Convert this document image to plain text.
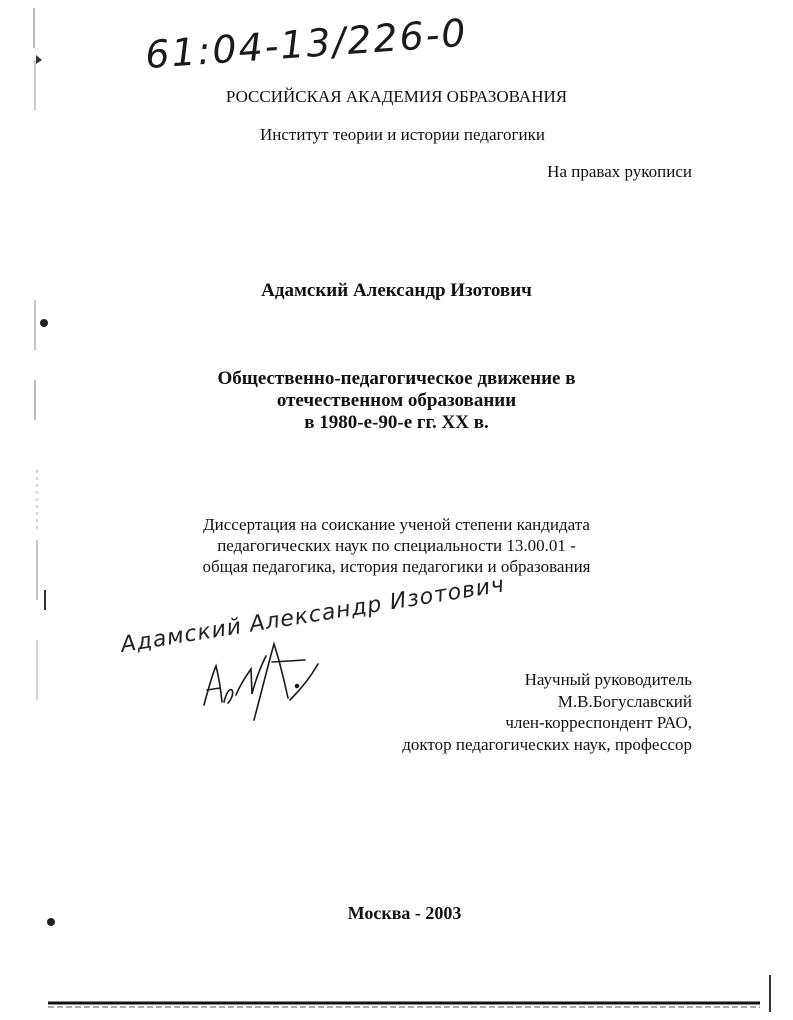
61:04-13/226-0
РОССИЙСКАЯ АКАДЕМИЯ ОБРАЗОВАНИЯ
Институт теории и истории педагогики
На правах рукописи
Адамский Александр Изотович
Общественно-педагогическое движение в
отечественном образовании
в 1980-е-90-е гг. ХХ в.
Диссертация на соискание ученой степени кандидата
педагогических наук по специальности 13.00.01 -
общая педагогика, история педагогики и образования
Адамский Александр Изотович
Научный руководитель
М.В.Богуславский
член-корреспондент РАО,
доктор педагогических наук, профессор
Москва - 2003
